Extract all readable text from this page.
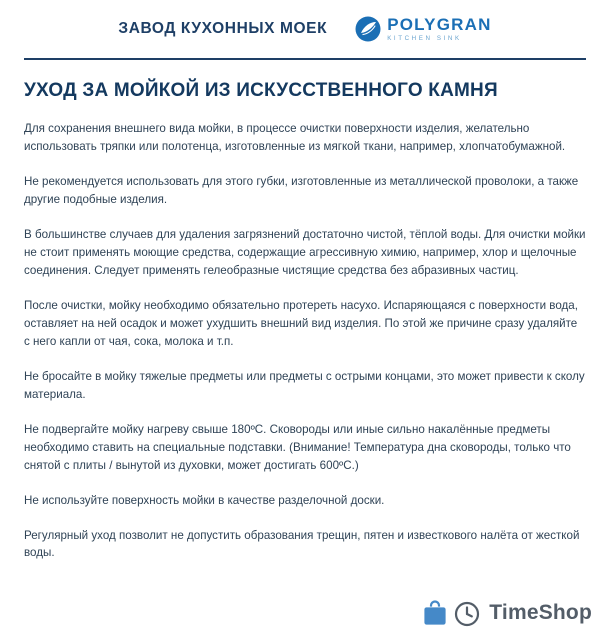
ЗАВОД КУХОННЫХ МОЕК	POLYGRAN
KITCHEN SINK
УХОД ЗА МОЙКОЙ ИЗ ИСКУССТВЕННОГО КАМНЯ

Для сохранения внешнего вида мойки, в процессе очистки поверхности изделия, желательно использовать тряпки или полотенца, изготовленные из мягкой ткани, например, хлопчатобумажной.

Не рекомендуется использовать для этого губки, изготовленные из металлической проволоки, а также другие подобные изделия.

В большинстве случаев для удаления загрязнений достаточно чистой, тёплой воды. Для очистки мойки не стоит применять моющие средства, содержащие агрессивную химию, например, хлор и щелочные соединения. Следует применять гелеобразные чистящие средства без абразивных частиц.

После очистки, мойку необходимо обязательно протереть насухо. Испаряющаяся с поверхности вода, оставляет на ней осадок и может ухудшить внешний вид изделия. По этой же причине сразу удаляйте с него капли от чая, сока, молока и т.п.

Не бросайте в мойку тяжелые предметы или предметы с острыми концами, это может привести к сколу материала.

Не подвергайте мойку нагреву свыше 180ºС. Сковороды или иные сильно накалённые предметы необходимо ставить на специальные подставки. (Внимание! Температура дна сковороды, только что снятой с плиты / вынутой из духовки, может достигать 600ºС.)

Не используйте поверхность мойки в качестве разделочной доски.

Регулярный уход позволит не допустить образования трещин, пятен и известкового налёта от жесткой воды.

TimeShop
